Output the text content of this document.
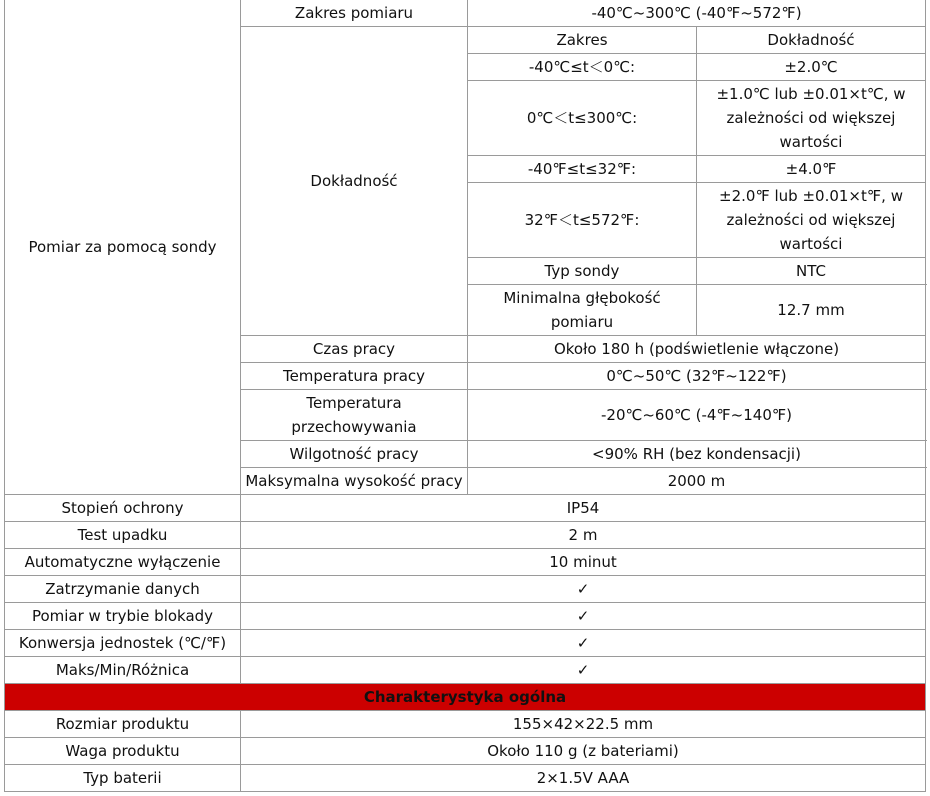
Pomiar za pomocą sondy	Zakres pomiaru	-40℃~300℃ (-40℉~572℉)	
	Dokładność	Zakres	Dokładność
		-40℃≤t＜0℃:	±2.0℃
		0℃＜t≤300℃:	±1.0℃ lub ±0.01×t℃, w zależności od większej wartości
		-40℉≤t≤32℉:	±4.0℉
		32℉＜t≤572℉:	±2.0℉ lub ±0.01×t℉, w zależności od większej wartości
		Typ sondy	NTC
		Minimalna głębokość pomiaru	12.7 mm
	Czas pracy	Około 180 h (podświetlenie włączone)	
	Temperatura pracy	0℃~50℃ (32℉~122℉)	
	Temperatura przechowywania	-20℃~60℃ (-4℉~140℉)	
	Wilgotność pracy	<90% RH (bez kondensacji)	
	Maksymalna wysokość pracy	2000 m	
Stopień ochrony	IP54		
Test upadku	2 m		
Automatyczne wyłączenie	10 minut		
Zatrzymanie danych	✓		
Pomiar w trybie blokady	✓		
Konwersja jednostek (℃/℉)	✓		
Maks/Min/Różnica	✓		
Charakterystyka ogólna			
Rozmiar produktu	155×42×22.5 mm		
Waga produktu	Około 110 g (z bateriami)		
Typ baterii	2×1.5V AAA		
